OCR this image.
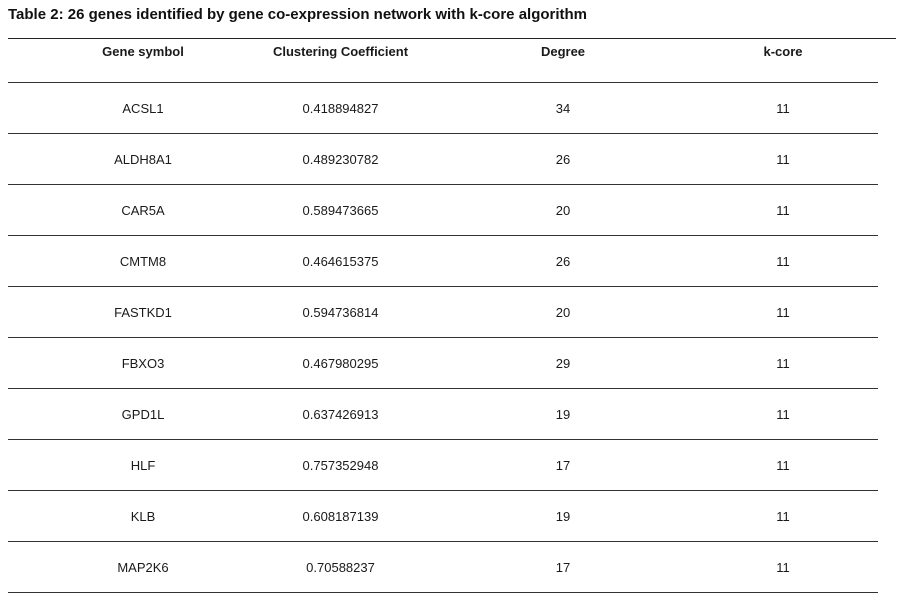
Table 2: 26 genes identified by gene co-expression network with k-core algorithm
Gene symbol	Clustering Coefficient	Degree	k-core
ACSL1	0.418894827	34	11
ALDH8A1	0.489230782	26	11
CAR5A	0.589473665	20	11
CMTM8	0.464615375	26	11
FASTKD1	0.594736814	20	11
FBXO3	0.467980295	29	11
GPD1L	0.637426913	19	11
HLF	0.757352948	17	11
KLB	0.608187139	19	11
MAP2K6	0.70588237	17	11
